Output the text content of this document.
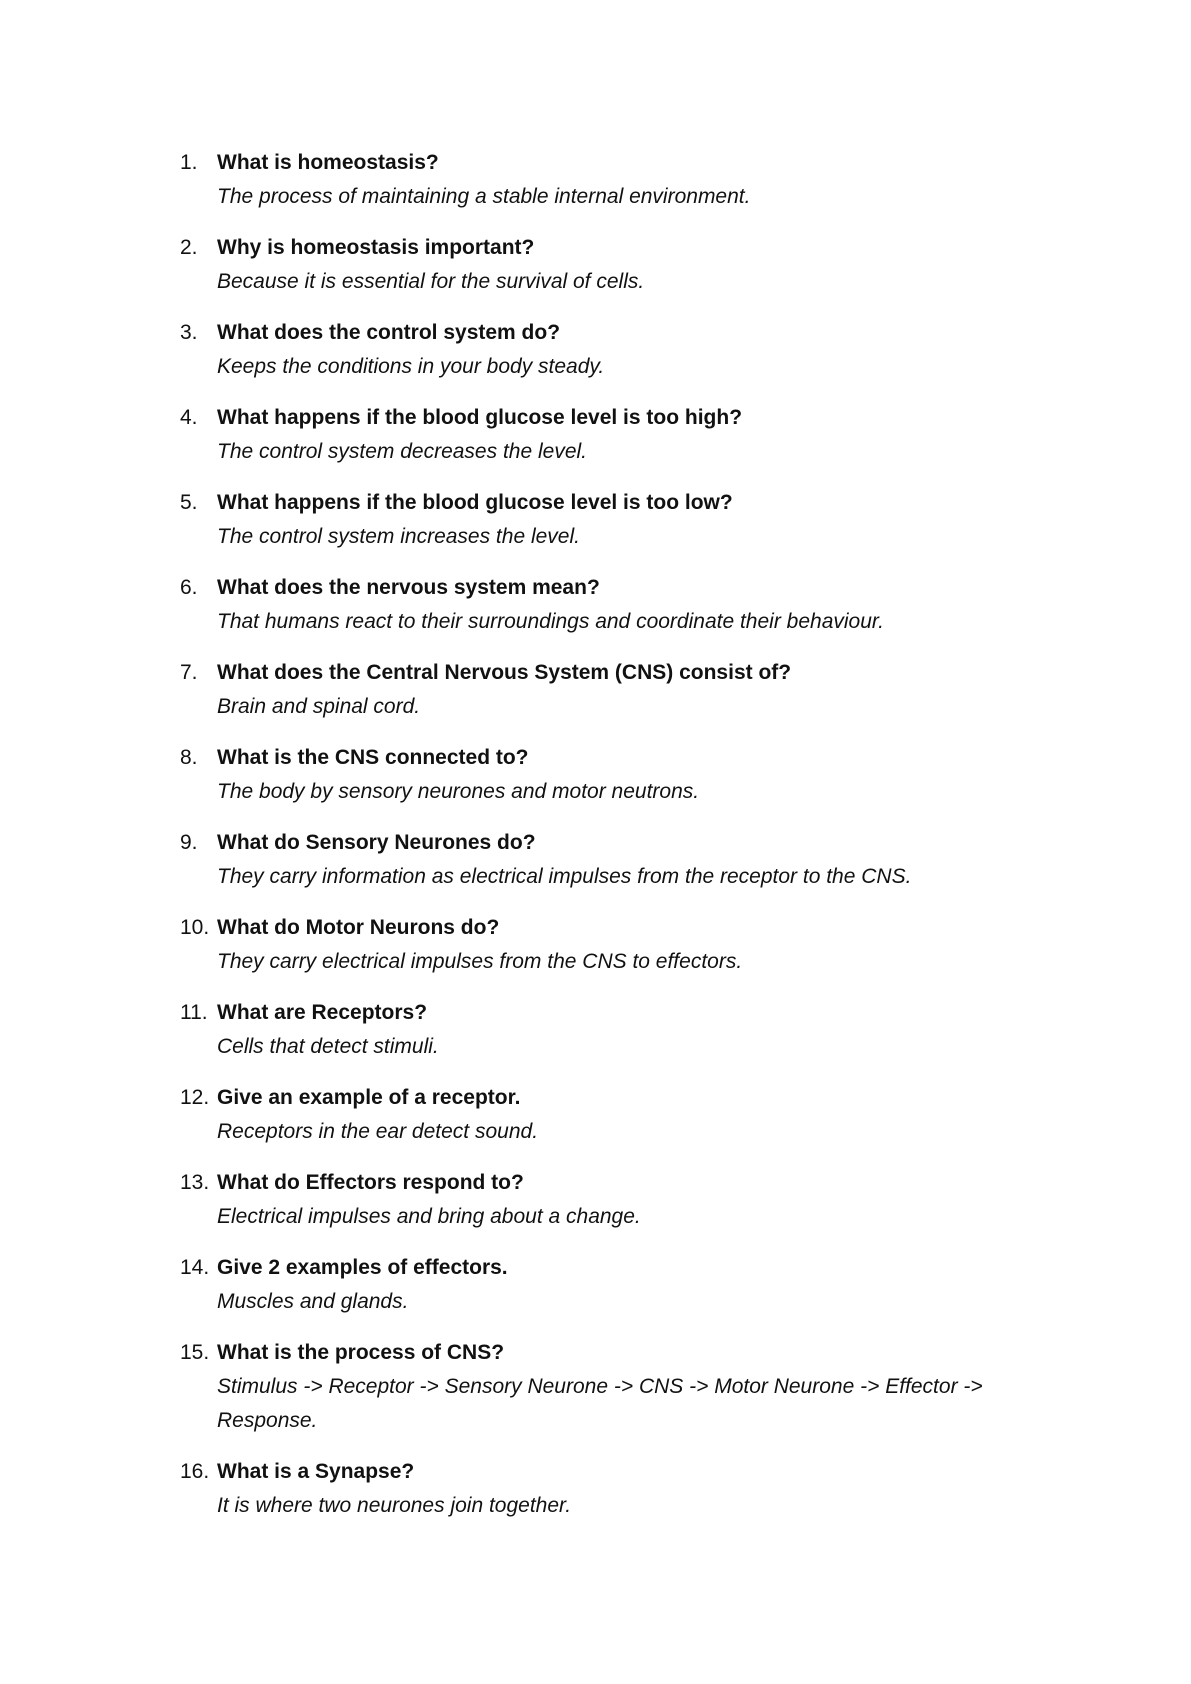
1. What is homeostasis?
The process of maintaining a stable internal environment.
2. Why is homeostasis important?
Because it is essential for the survival of cells.
3. What does the control system do?
Keeps the conditions in your body steady.
4. What happens if the blood glucose level is too high?
The control system decreases the level.
5. What happens if the blood glucose level is too low?
The control system increases the level.
6. What does the nervous system mean?
That humans react to their surroundings and coordinate their behaviour.
7. What does the Central Nervous System (CNS) consist of?
Brain and spinal cord.
8. What is the CNS connected to?
The body by sensory neurones and motor neutrons.
9. What do Sensory Neurones do?
They carry information as electrical impulses from the receptor to the CNS.
10. What do Motor Neurons do?
They carry electrical impulses from the CNS to effectors.
11. What are Receptors?
Cells that detect stimuli.
12. Give an example of a receptor.
Receptors in the ear detect sound.
13. What do Effectors respond to?
Electrical impulses and bring about a change.
14. Give 2 examples of effectors.
Muscles and glands.
15. What is the process of CNS?
Stimulus -> Receptor -> Sensory Neurone -> CNS -> Motor Neurone -> Effector -> Response.
16. What is a Synapse?
It is where two neurones join together.
